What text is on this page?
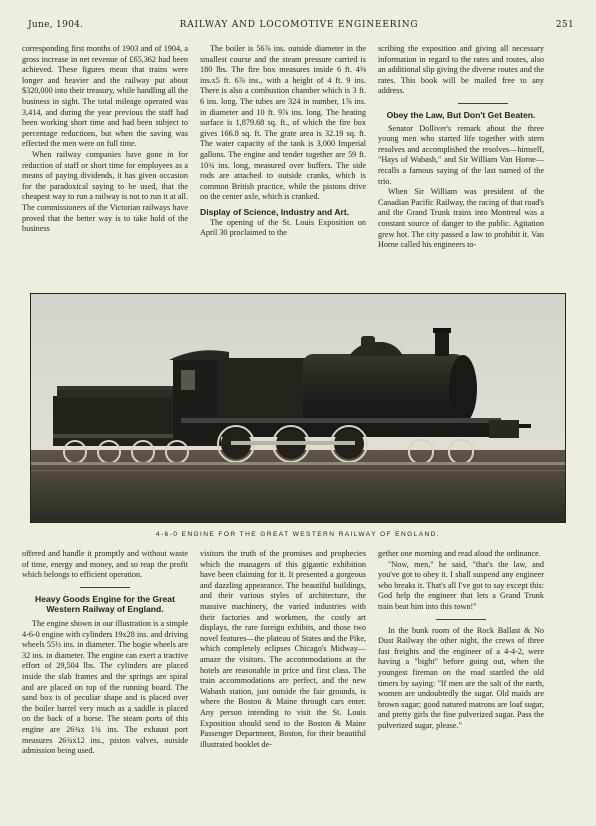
June, 1904.	RAILWAY AND LOCOMOTIVE ENGINEERING	251

corresponding first months of 1903 and of 1904, a gross increase in net revenue of £65,362 had been achieved. These figures mean that trains were longer and heavier and the railway put about $320,000 into their treasury, while handling all the business in sight. The total mileage operated was 3,414, and during the year previous the staff had been working short time and had been subject to percentage reductions, but when the saving was effected the men were on full time.

When railway companies have gone in for reduction of staff or short time for employees as a means of paying dividends, it has given occasion for the paradoxical saying to be used, that the cheapest way to run a railway is not to run it at all. The commissioners of the Victorian railways have proved that the better way is to take hold of the business

The boiler is 56⅞ ins. outside diameter in the smallest course and the steam pressure carried is 180 lbs. The fire box measures inside 6 ft. 4⅜ ins.x5 ft. 6⅞ ins., with a height of 4 ft. 9 ins. There is also a combustion chamber which is 3 ft. 6 ins. long. The tubes are 324 in number, 1⅞ ins. in diameter and 10 ft. 9⅞ ins. long. The heating surface is 1,879.68 sq. ft., of which the fire box gives 166.8 sq. ft. The grate area is 32.19 sq. ft. The water capacity of the tank is 3,000 Imperial gallons. The engine and tender together are 59 ft. 10¾ ins. long, measured over buffers. The side rods are attached to outside cranks, which is common British practice, while the pistons drive on the center axle, which is cranked.

Display of Science, Industry and Art.

The opening of the St. Louis Exposition on April 30 proclaimed to the

scribing the exposition and giving all necessary information in regard to the rates and routes, also an additional slip giving the diverse routes and the rates. This book will be mailed free to any address.

Obey the Law, But Don't Get Beaten.

Senator Dolliver's remark about the three young men who started life together with stern resolves and accomplished the resolves—himself, "Hays of Wabash," and Sir William Van Horne—recalls a famous saying of the last named of the trio.

When Sir William was president of the Canadian Pacific Railway, the racing of that road's and the Grand Trunk trains into Montreal was a constant source of danger to the public. Agitation grew hot. The city passed a law to prohibit it. Van Horne called his engineers to-

4-6-0 ENGINE FOR THE GREAT WESTERN RAILWAY OF ENGLAND.

offered and handle it promptly and without waste of time, energy and money, and so reap the profit which belongs to efficient operation.

Heavy Goods Engine for the Great Western Railway of England.

The engine shown in our illustration is a simple 4-6-0 engine with cylinders 19x28 ins. and driving wheels 55½ ins. in diameter. The bogie wheels are 32 ins. in diameter. The engine can exert a tractive effort of 29,504 lbs. The cylinders are placed inside the slab frames and the springs are spiral and are placed on top of the running board. The sand box is of peculiar shape and is placed over the boiler barrel very much as a saddle is placed on the back of a horse. The steam ports of this engine are 26¾x 1¾ ins. The exhaust port measures 26¾x12 ins., piston valves, outside admission being used.

visitors the truth of the promises and prophecies which the managers of this gigantic exhibition have been claiming for it. It presented a gorgeous and dazzling appearance. The beautiful buildings, and their various styles of architecture, the massive machinery, the varied industries with their factories and workmen, the costly art displays, the rare foreign exhibits, and those two novel features—the plateau of States and the Pike, which completely eclipses Chicago's Midway—amaze the visitors. The accommodations at the hotels are reasonable in price and first class. The train accommodations are perfect, and the new Wabash station, just outside the fair grounds, is where the Boston & Maine through cars enter. Any person intending to visit the St. Louis Exposition should send to the Boston & Maine Passenger Department, Boston, for their beautiful illustrated booklet de-

gether one morning and read aloud the ordinance.

"Now, men," he said, "that's the law, and you've got to obey it. I shall suspend any engineer who breaks it. That's all I've got to say except this: God help the engineer that lets a Grand Trunk train beat him into this town!"

In the bunk room of the Rock Ballast & No Dust Railway the other night, the crews of three fast freights and the engineer of a 4-4-2, were having a "bight" before going out, when the youngest fireman on the road startled the old timers by saying: "If men are the salt of the earth, women are undoubtedly the sugar. Old maids are brown sugar; good natured matrons are loaf sugar, and pretty girls the fine pulverized sugar. Pass the pulverized sugar, please."
